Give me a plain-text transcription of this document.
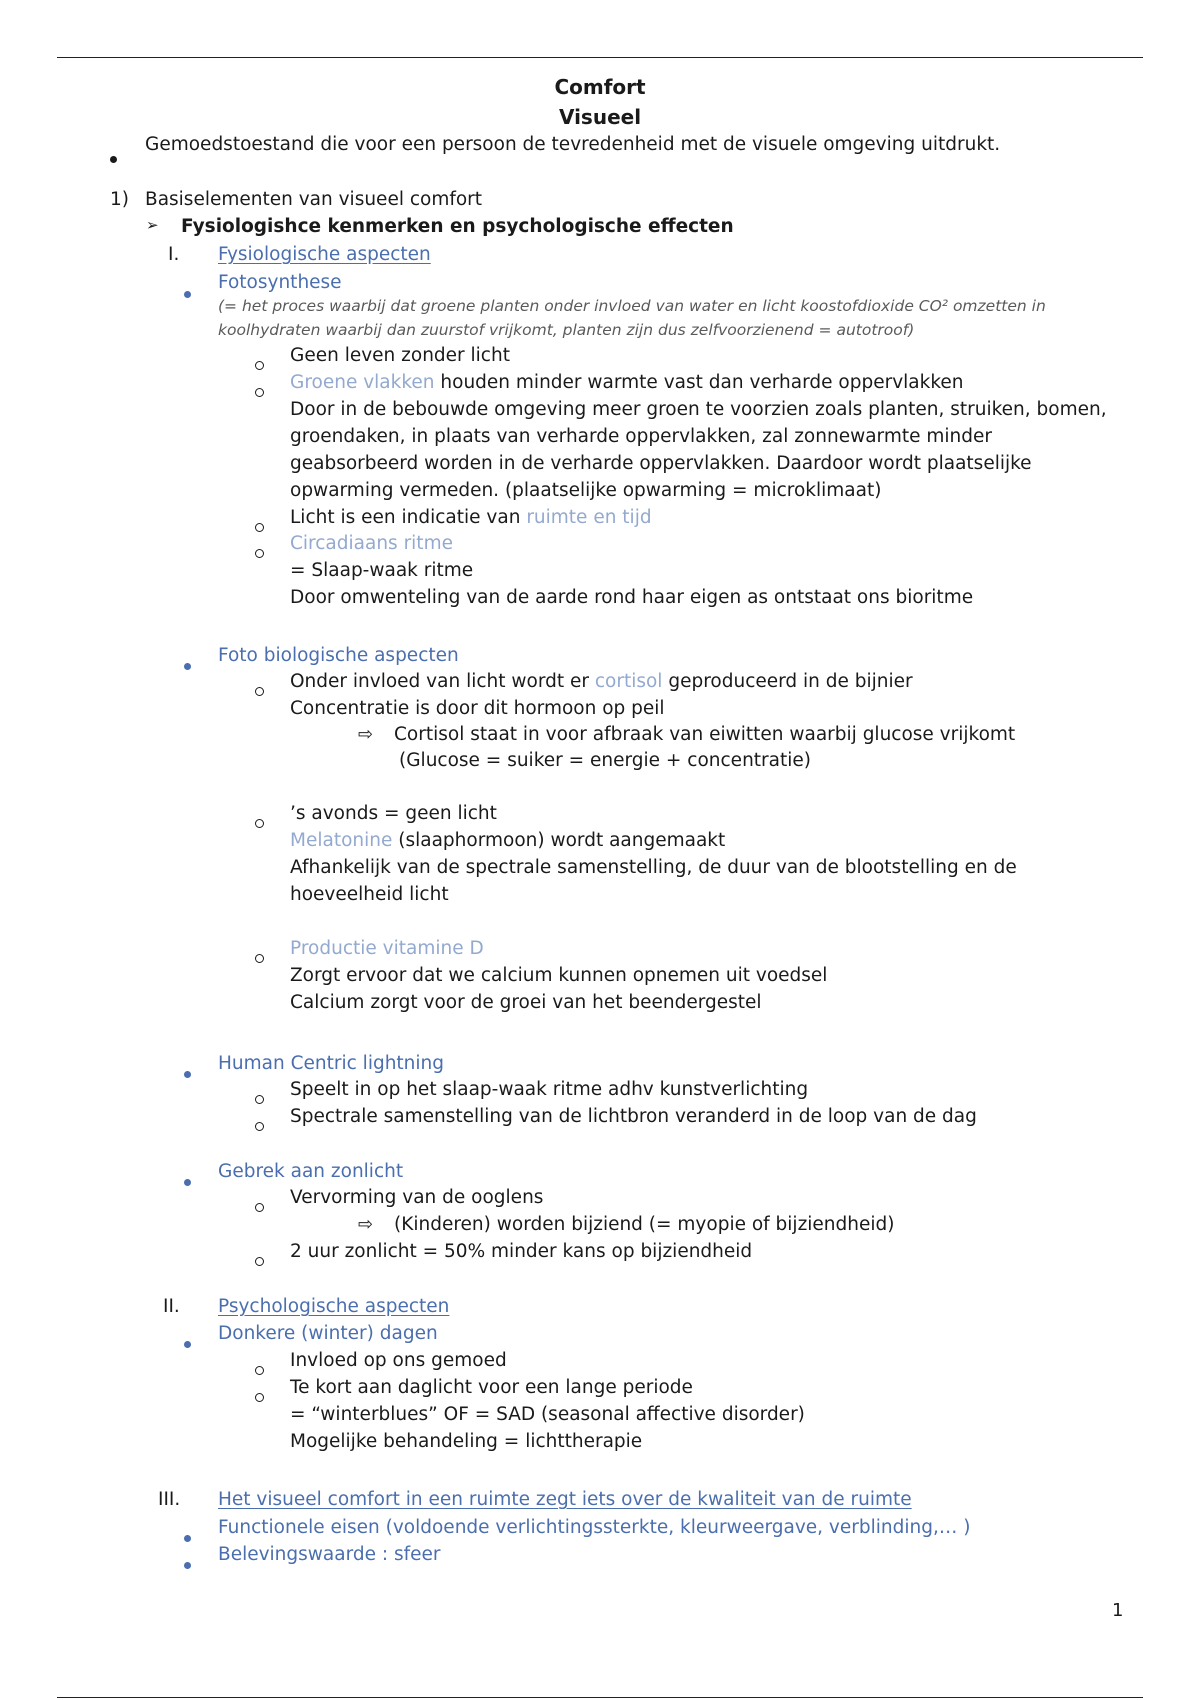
Comfort
Visueel
Gemoedstoestand die voor een persoon de tevredenheid met de visuele omgeving uitdrukt.
1) Basiselementen van visueel comfort
➢ Fysiologishce kenmerken en psychologische effecten
I. Fysiologische aspecten
Fotosynthese
(= het proces waarbij dat groene planten onder invloed van water en licht koostofdioxide CO² omzetten in
koolhydraten waarbij dan zuurstof vrijkomt, planten zijn dus zelfvoorzienend = autotroof)
Geen leven zonder licht
Groene vlakken houden minder warmte vast dan verharde oppervlakken
Door in de bebouwde omgeving meer groen te voorzien zoals planten, struiken, bomen,
groendaken, in plaats van verharde oppervlakken, zal zonnewarmte minder
geabsorbeerd worden in de verharde oppervlakken. Daardoor wordt plaatselijke
opwarming vermeden. (plaatselijke opwarming = microklimaat)
Licht is een indicatie van ruimte en tijd
Circadiaans ritme
= Slaap-waak ritme
Door omwenteling van de aarde rond haar eigen as ontstaat ons bioritme
Foto biologische aspecten
Onder invloed van licht wordt er cortisol geproduceerd in de bijnier
Concentratie is door dit hormoon op peil
⇨ Cortisol staat in voor afbraak van eiwitten waarbij glucose vrijkomt
(Glucose = suiker = energie + concentratie)
’s avonds = geen licht
Melatonine (slaaphormoon) wordt aangemaakt
Afhankelijk van de spectrale samenstelling, de duur van de blootstelling en de
hoeveelheid licht
Productie vitamine D
Zorgt ervoor dat we calcium kunnen opnemen uit voedsel
Calcium zorgt voor de groei van het beendergestel
Human Centric lightning
Speelt in op het slaap-waak ritme adhv kunstverlichting
Spectrale samenstelling van de lichtbron veranderd in de loop van de dag
Gebrek aan zonlicht
Vervorming van de ooglens
⇨ (Kinderen) worden bijziend (= myopie of bijziendheid)
2 uur zonlicht = 50% minder kans op bijziendheid
II. Psychologische aspecten
Donkere (winter) dagen
Invloed op ons gemoed
Te kort aan daglicht voor een lange periode
= “winterblues” OF = SAD (seasonal affective disorder)
Mogelijke behandeling = lichttherapie
III. Het visueel comfort in een ruimte zegt iets over de kwaliteit van de ruimte
Functionele eisen (voldoende verlichtingssterkte, kleurweergave, verblinding,… )
Belevingswaarde : sfeer
1
